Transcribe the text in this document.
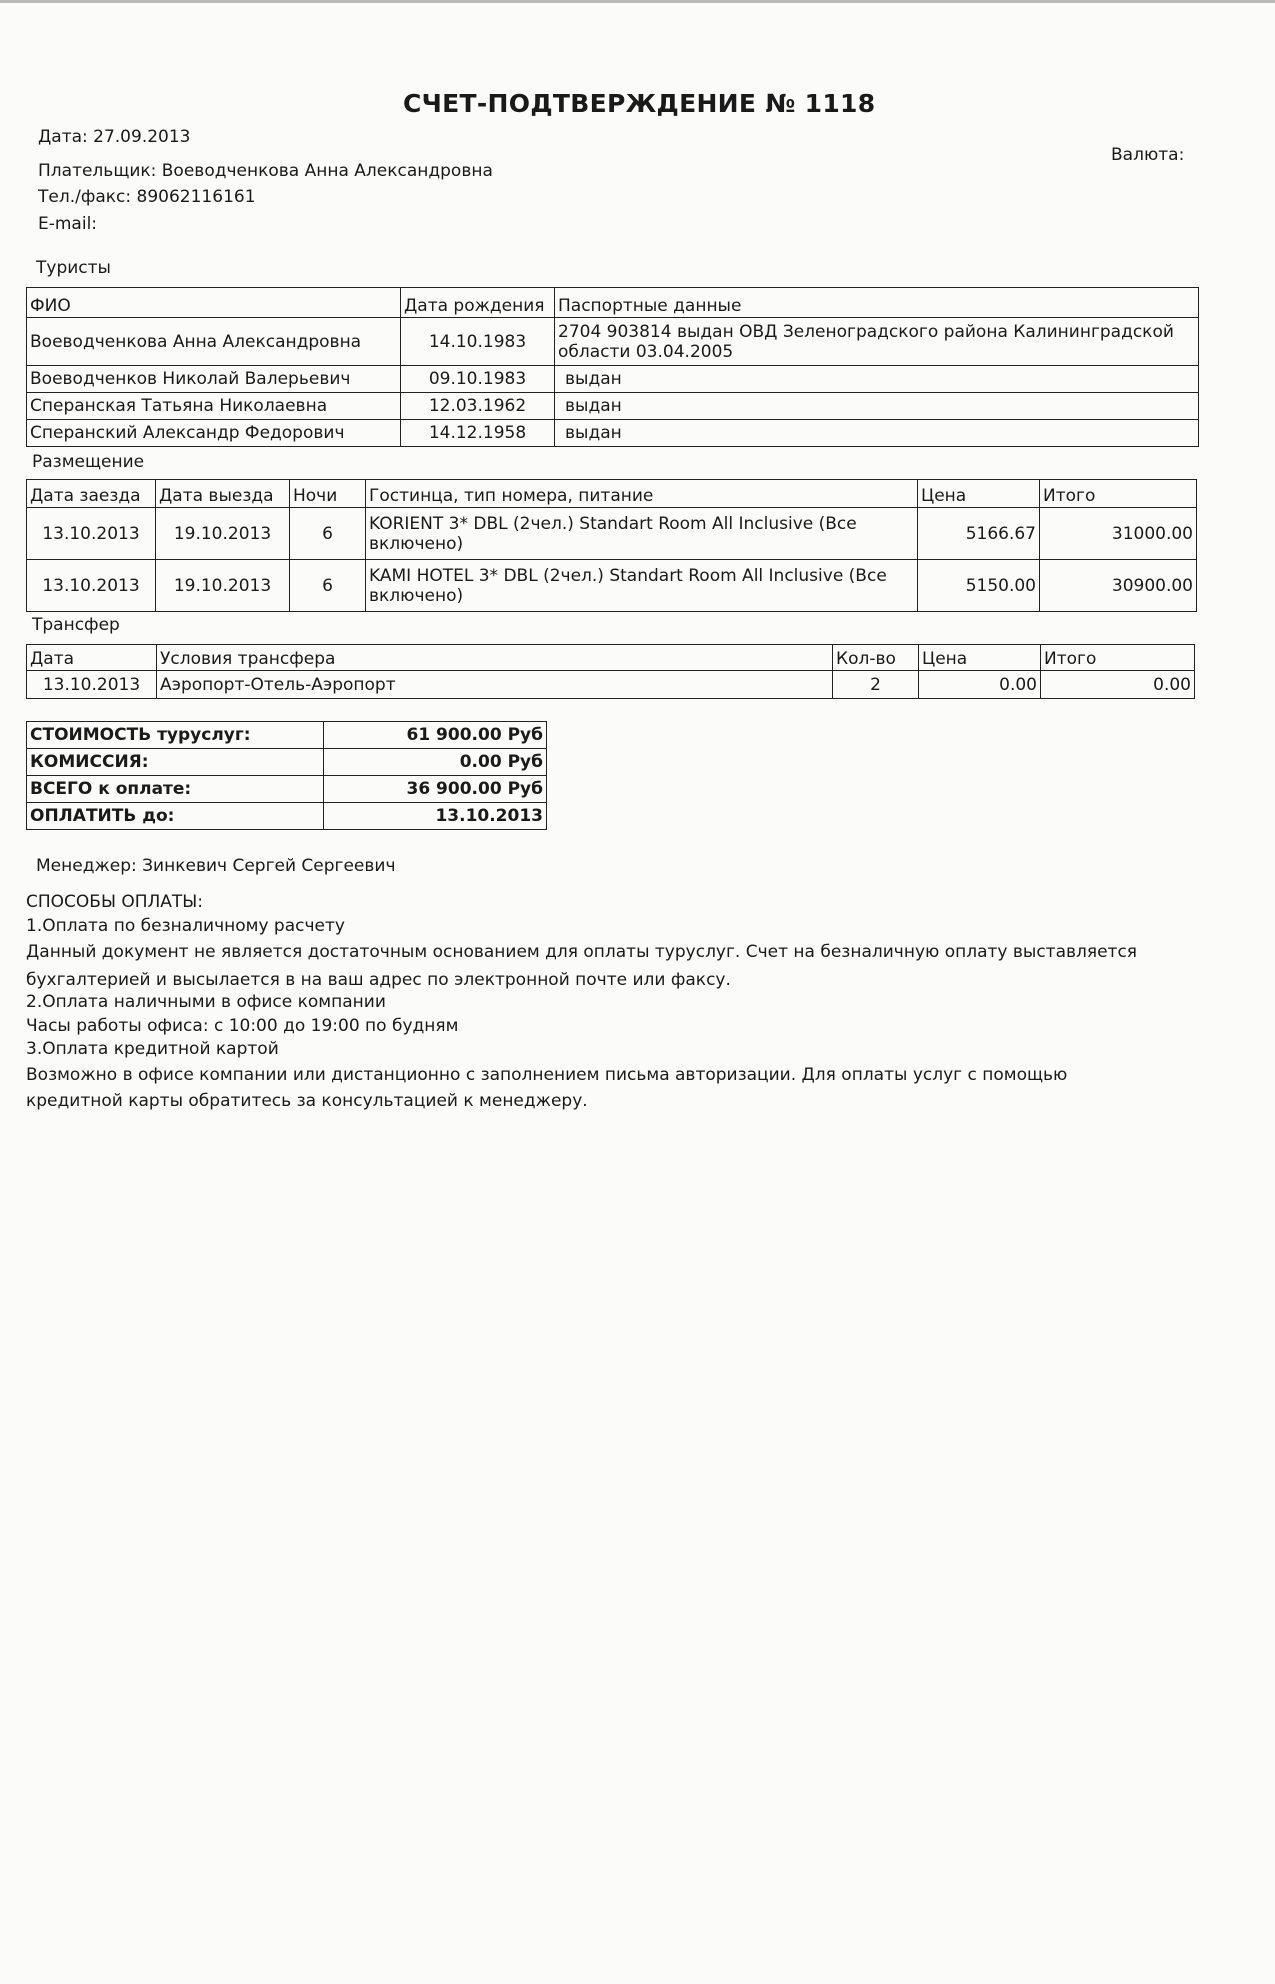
СЧЕТ-ПОДТВЕРЖДЕНИЕ № 1118
Дата: 27.09.2013
Плательщик: Воеводченкова Анна Александровна
Тел./факс: 89062116161
E-mail:
Валюта:
Туристы
ФИО	Дата рождения	Паспортные данные
Воеводченкова Анна Александровна	14.10.1983	2704 903814 выдан ОВД Зеленоградского района Калининградской области 03.04.2005
Воеводченков Николай Валерьевич	09.10.1983	выдан
Сперанская Татьяна Николаевна	12.03.1962	выдан
Сперанский Александр Федорович	14.12.1958	выдан
Размещение
Дата заезда	Дата выезда	Ночи	Гостинца, тип номера, питание	Цена	Итого
13.10.2013	19.10.2013	6	KORIENT 3* DBL (2чел.) Standart Room All Inclusive (Все включено)	5166.67	31000.00
13.10.2013	19.10.2013	6	KAMI HOTEL 3* DBL (2чел.) Standart Room All Inclusive (Все включено)	5150.00	30900.00
Трансфер
Дата	Условия трансфера	Кол-во	Цена	Итого
13.10.2013	Аэропорт-Отель-Аэропорт	2	0.00	0.00
СТОИМОСТЬ туруслуг:	61 900.00 Руб
КОМИССИЯ:	0.00 Руб
ВСЕГО к оплате:	36 900.00 Руб
ОПЛАТИТЬ до:	13.10.2013
Менеджер: Зинкевич Сергей Сергеевич
СПОСОБЫ ОПЛАТЫ:
1.Оплата по безналичному расчету
Данный документ не является достаточным основанием для оплаты туруслуг. Счет на безналичную оплату выставляется
бухгалтерией и высылается в на ваш адрес по электронной почте или факсу.
2.Оплата наличными в офисе компании
Часы работы офиса: с 10:00 до 19:00 по будням
3.Оплата кредитной картой
Возможно в офисе компании или дистанционно с заполнением письма авторизации. Для оплаты услуг с помощью
кредитной карты обратитесь за консультацией к менеджеру.
